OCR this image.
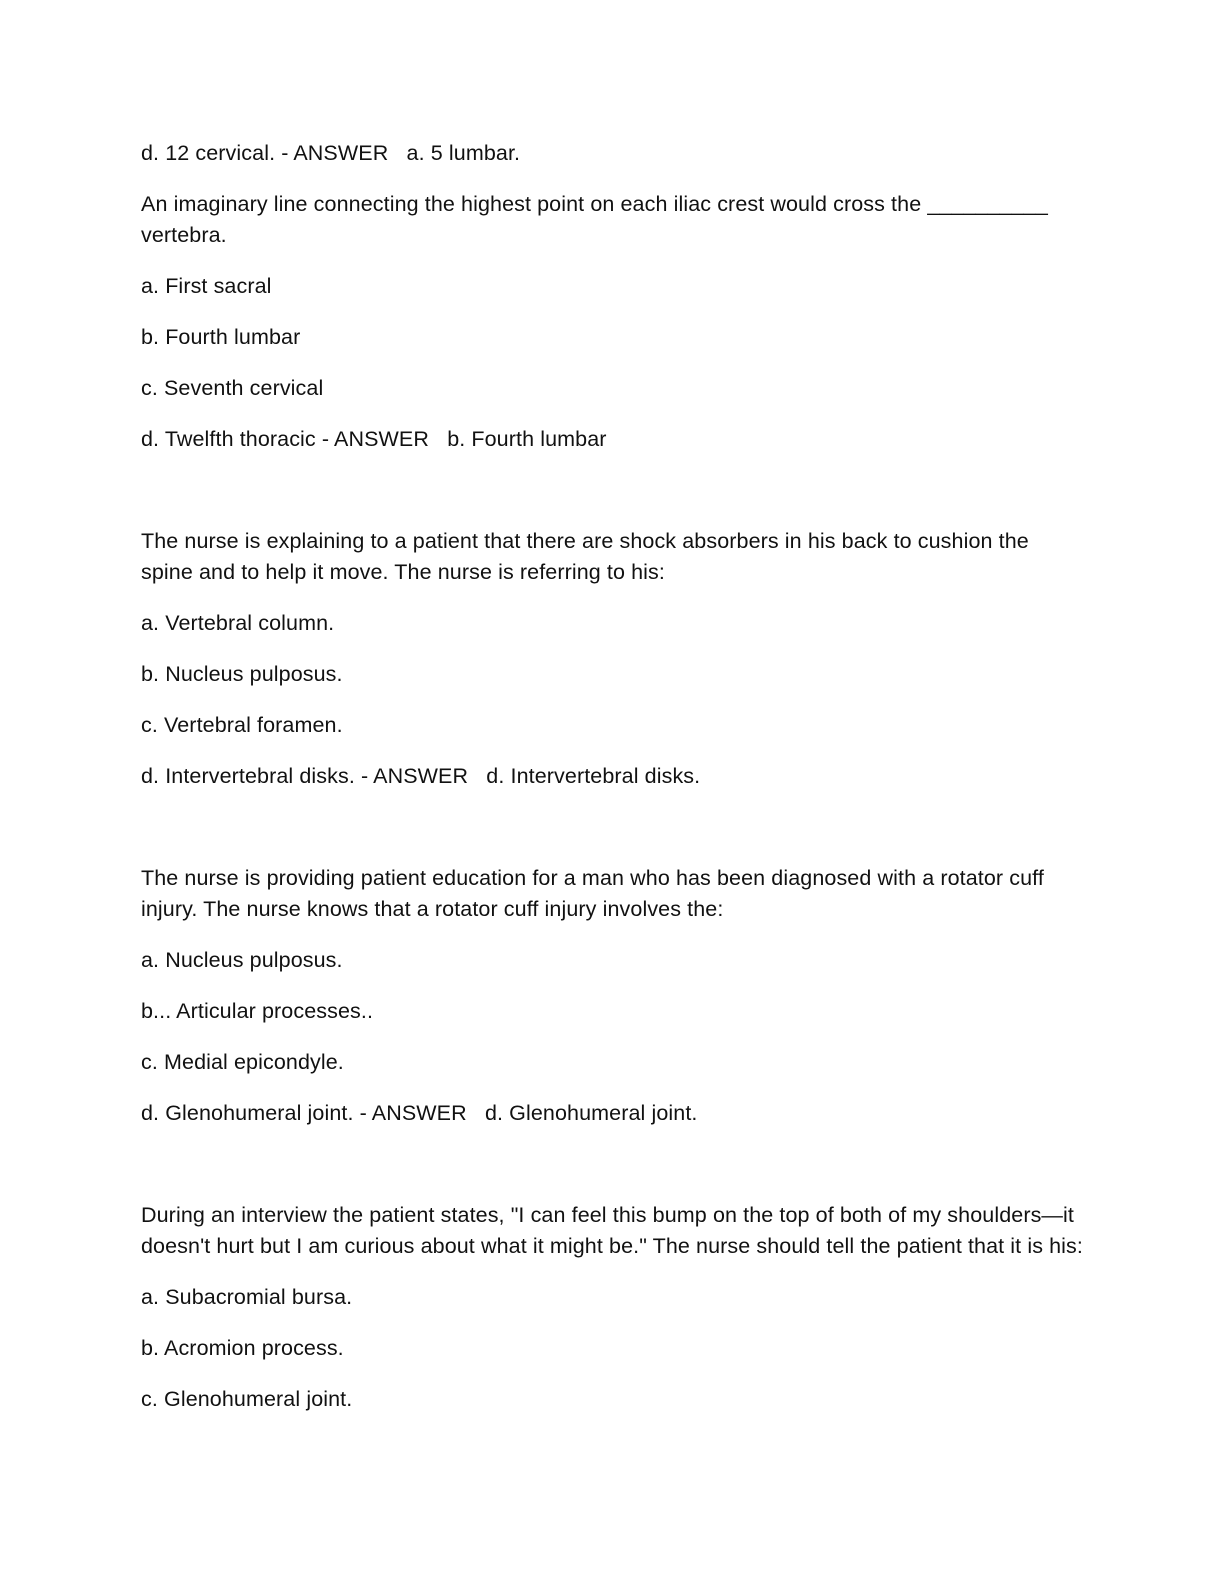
d. 12 cervical. - ANSWER   a. 5 lumbar.

An imaginary line connecting the highest point on each iliac crest would cross the __________ vertebra.

a. First sacral

b. Fourth lumbar

c. Seventh cervical

d. Twelfth thoracic - ANSWER   b. Fourth lumbar

The nurse is explaining to a patient that there are shock absorbers in his back to cushion the spine and to help it move. The nurse is referring to his:

a. Vertebral column.

b. Nucleus pulposus.

c. Vertebral foramen.

d. Intervertebral disks. - ANSWER   d. Intervertebral disks.

The nurse is providing patient education for a man who has been diagnosed with a rotator cuff injury. The nurse knows that a rotator cuff injury involves the:

a. Nucleus pulposus.

b... Articular processes..

c. Medial epicondyle.

d. Glenohumeral joint. - ANSWER   d. Glenohumeral joint.

During an interview the patient states, "I can feel this bump on the top of both of my shoulders—it doesn't hurt but I am curious about what it might be." The nurse should tell the patient that it is his:

a. Subacromial bursa.

b. Acromion process.

c. Glenohumeral joint.
